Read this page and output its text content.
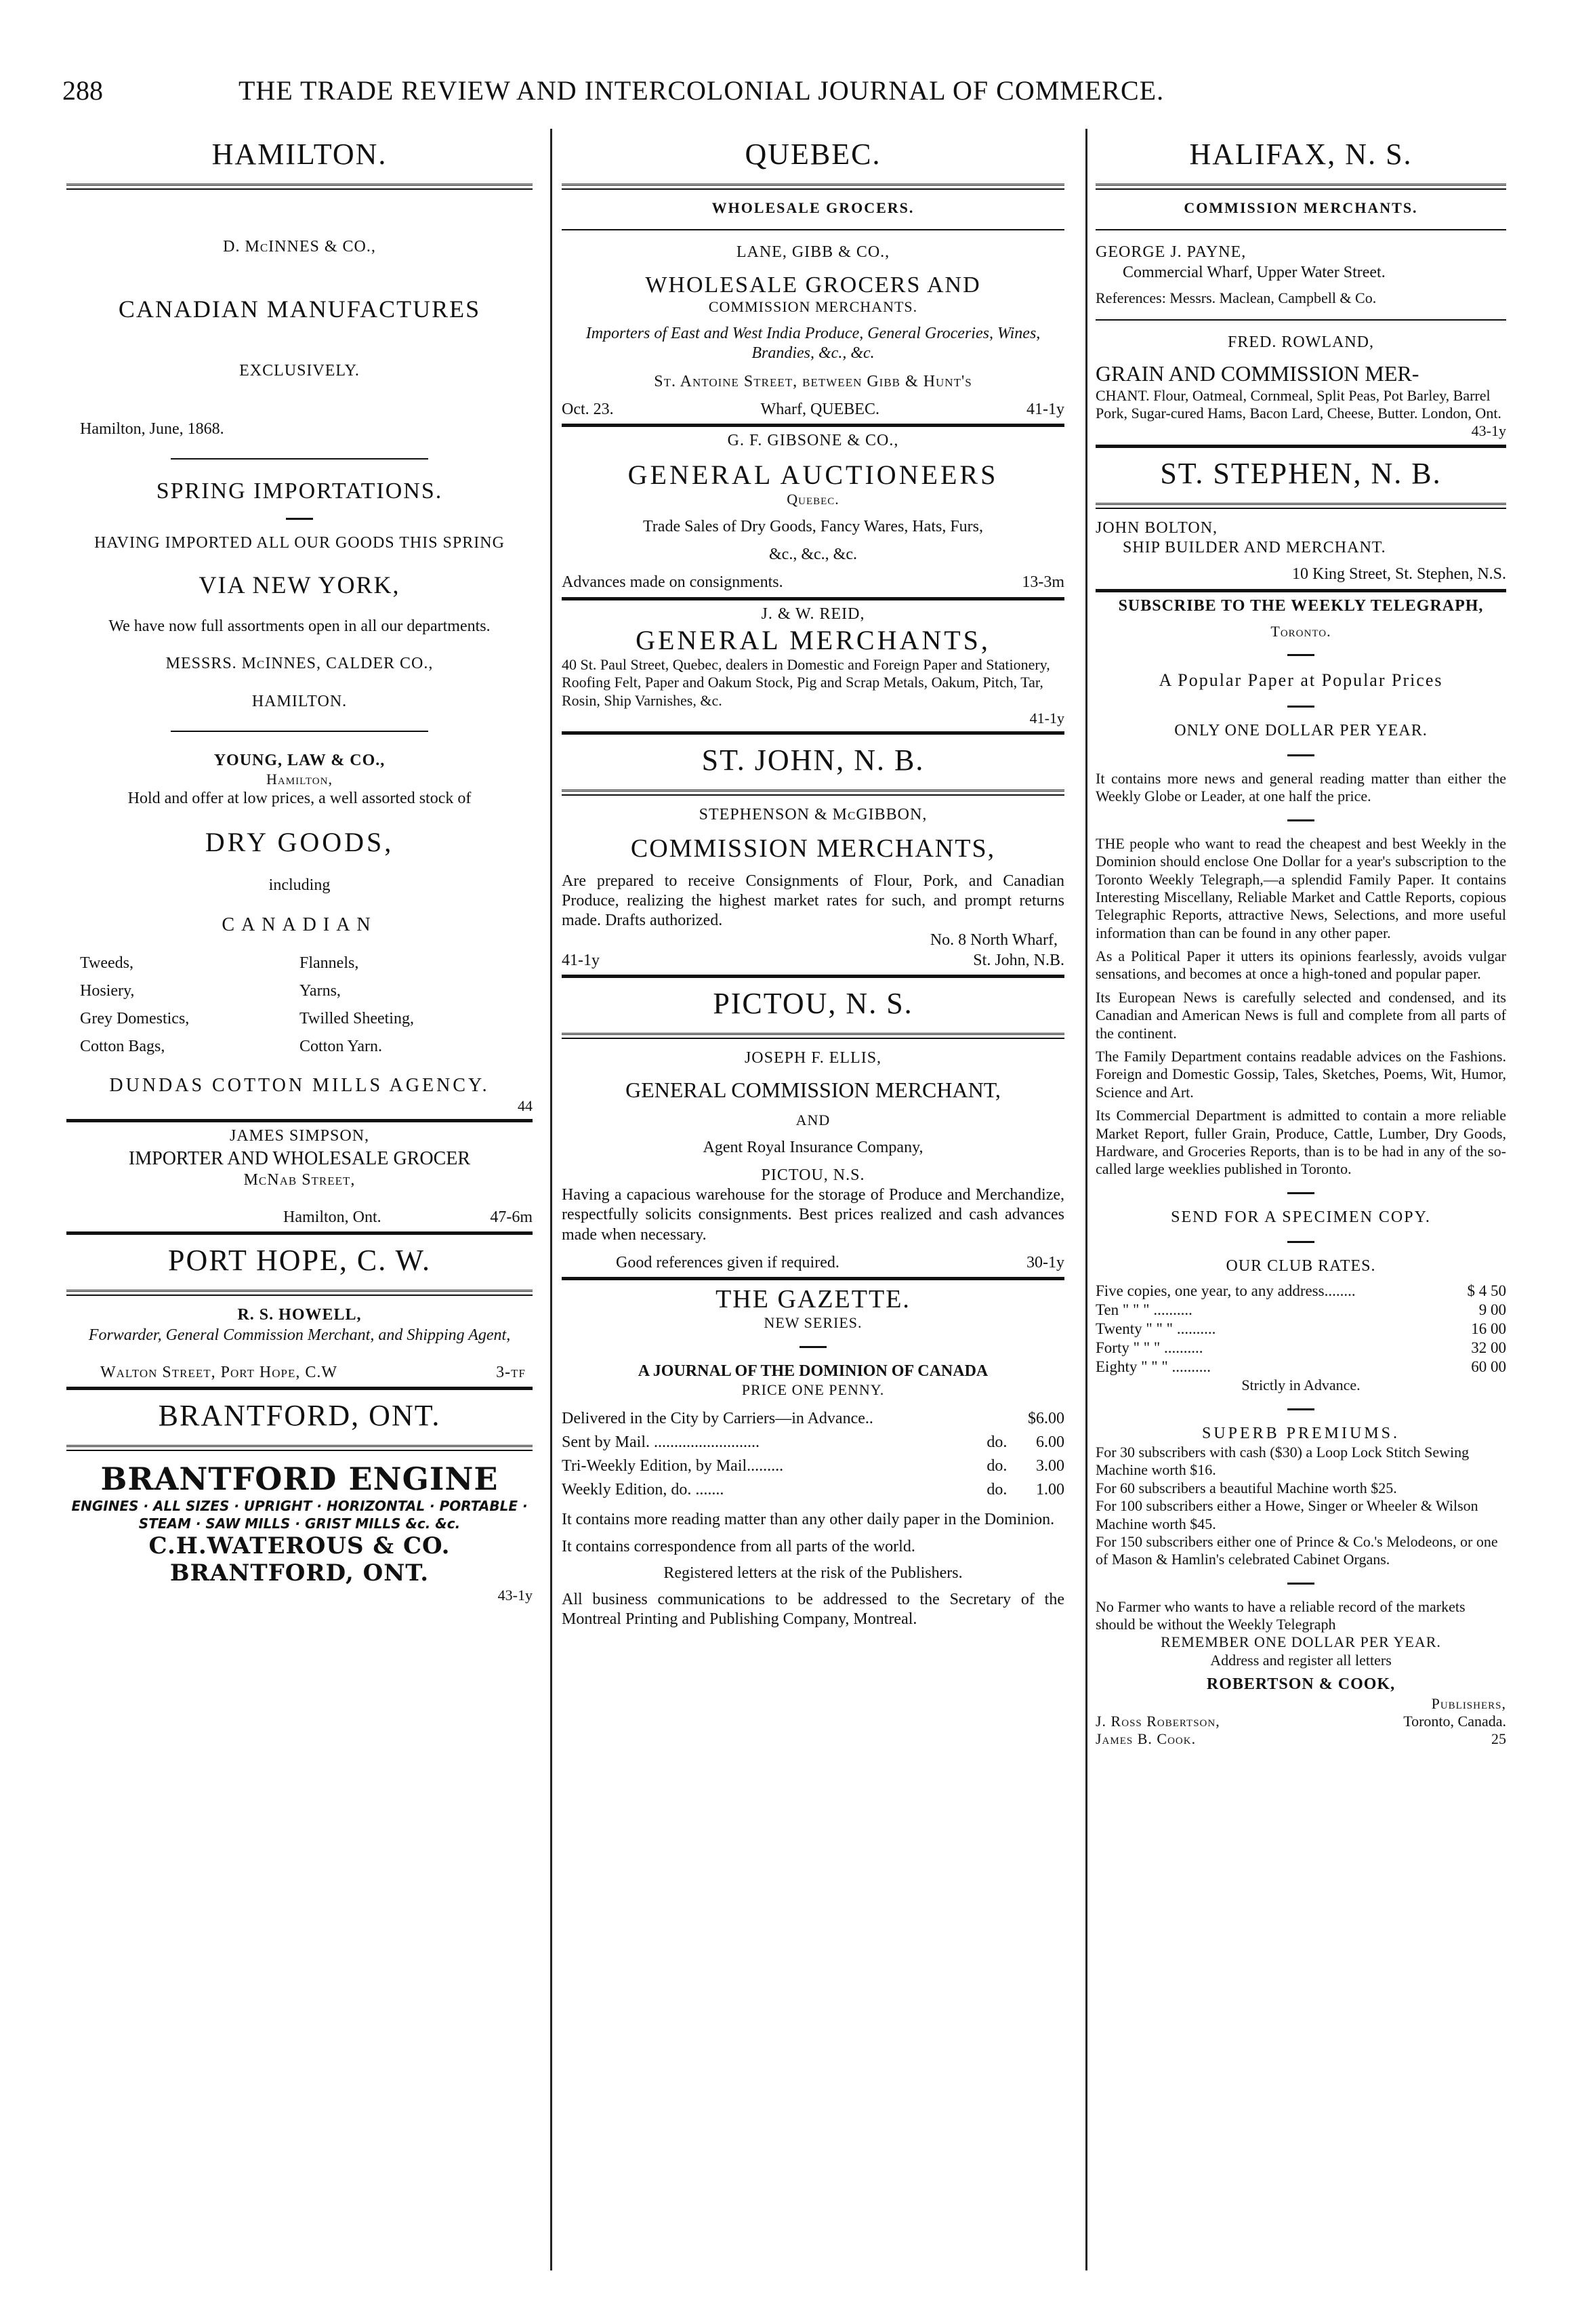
288	THE TRADE REVIEW AND INTERCOLONIAL JOURNAL OF COMMERCE.
HAMILTON.
D. McINNES & CO.,
CANADIAN MANUFACTURES
EXCLUSIVELY.
Hamilton, June, 1868.
SPRING IMPORTATIONS.
HAVING IMPORTED ALL OUR GOODS THIS SPRING
VIA NEW YORK,
We have now full assortments open in all our departments.
MESSRS. McINNES, CALDER CO.,
HAMILTON.
YOUNG, LAW & CO.,
Hamilton,
Hold and offer at low prices, a well assorted stock of
DRY GOODS,
including
CANADIAN
Tweeds,	Flannels,
Hosiery,	Yarns,
Grey Domestics,	Twilled Sheeting,
Cotton Bags,	Cotton Yarn.
DUNDAS COTTON MILLS AGENCY.
44
JAMES SIMPSON,
IMPORTER AND WHOLESALE GROCER
McNab Street,
Hamilton, Ont.	47-6m
PORT HOPE, C. W.
R. S. HOWELL,
Forwarder, General Commission Merchant, and Shipping Agent,
Walton Street, Port Hope, C.W	3-tf
BRANTFORD, ONT.
BRANTFORD ENGINE
ENGINES · ALL SIZES · UPRIGHT · HORIZONTAL · PORTABLE · STEAM · SAW MILLS · GRIST MILLS &c. &c.
C.H.WATEROUS & CO. BRANTFORD, ONT.
43-1y
QUEBEC.
WHOLESALE GROCERS.
LANE, GIBB & CO.,
WHOLESALE GROCERS AND
COMMISSION MERCHANTS.
Importers of East and West India Produce, General Groceries, Wines, Brandies, &c., &c.
St. Antoine Street, between Gibb & Hunt's
Oct. 23.	Wharf, QUEBEC.	41-1y
G. F. GIBSONE & CO.,
GENERAL AUCTIONEERS
Quebec.
Trade Sales of Dry Goods, Fancy Wares, Hats, Furs,
&c., &c., &c.
Advances made on consignments.	13-3m
J. & W. REID,
GENERAL MERCHANTS,
40 St. Paul Street, Quebec, dealers in Domestic and Foreign Paper and Stationery, Roofing Felt, Paper and Oakum Stock, Pig and Scrap Metals, Oakum, Pitch, Tar, Rosin, Ship Varnishes, &c.
41-1y
ST. JOHN, N. B.
STEPHENSON & McGIBBON,
COMMISSION MERCHANTS,
Are prepared to receive Consignments of Flour, Pork, and Canadian Produce, realizing the highest market rates for such, and prompt returns made. Drafts authorized.
No. 8 North Wharf,
41-1y	St. John, N.B.
PICTOU, N. S.
JOSEPH F. ELLIS,
GENERAL COMMISSION MERCHANT,
AND
Agent Royal Insurance Company,
PICTOU, N.S.
Having a capacious warehouse for the storage of Produce and Merchandize, respectfully solicits consignments. Best prices realized and cash advances made when necessary.
Good references given if required.	30-1y
THE GAZETTE.
NEW SERIES.
A JOURNAL OF THE DOMINION OF CANADA
PRICE ONE PENNY.
Delivered in the City by Carriers—in Advance..		$6.00
Sent by Mail. ..........................	do.	6.00
Tri-Weekly Edition, by Mail.........	do.	3.00
Weekly Edition, do. .......	do.	1.00
It contains more reading matter than any other daily paper in the Dominion.
It contains correspondence from all parts of the world.
Registered letters at the risk of the Publishers.
All business communications to be addressed to the Secretary of the Montreal Printing and Publishing Company, Montreal.
HALIFAX, N. S.
COMMISSION MERCHANTS.
GEORGE J. PAYNE,
Commercial Wharf, Upper Water Street.
References: Messrs. Maclean, Campbell & Co.
FRED. ROWLAND,
GRAIN AND COMMISSION MER-
CHANT. Flour, Oatmeal, Cornmeal, Split Peas, Pot Barley, Barrel Pork, Sugar-cured Hams, Bacon Lard, Cheese, Butter. London, Ont.
43-1y
ST. STEPHEN, N. B.
JOHN BOLTON,
SHIP BUILDER AND MERCHANT.
10 King Street, St. Stephen, N.S.
SUBSCRIBE TO THE WEEKLY TELEGRAPH,
Toronto.
A Popular Paper at Popular Prices
ONLY ONE DOLLAR PER YEAR.
It contains more news and general reading matter than either the Weekly Globe or Leader, at one half the price.
THE people who want to read the cheapest and best Weekly in the Dominion should enclose One Dollar for a year's subscription to the Toronto Weekly Telegraph,—a splendid Family Paper. It contains Interesting Miscellany, Reliable Market and Cattle Reports, copious Telegraphic Reports, attractive News, Selections, and more useful information than can be found in any other paper.
As a Political Paper it utters its opinions fearlessly, avoids vulgar sensations, and becomes at once a high-toned and popular paper.
Its European News is carefully selected and condensed, and its Canadian and American News is full and complete from all parts of the continent.
The Family Department contains readable advices on the Fashions. Foreign and Domestic Gossip, Tales, Sketches, Poems, Wit, Humor, Science and Art.
Its Commercial Department is admitted to contain a more reliable Market Report, fuller Grain, Produce, Cattle, Lumber, Dry Goods, Hardware, and Groceries Reports, than is to be had in any of the so-called large weeklies published in Toronto.
SEND FOR A SPECIMEN COPY.
OUR CLUB RATES.
Five copies, one year, to any address........	$ 4 50
Ten " " " ..........	9 00
Twenty " " " ..........	16 00
Forty " " " ..........	32 00
Eighty " " " ..........	60 00
Strictly in Advance.
SUPERB PREMIUMS.
For 30 subscribers with cash ($30) a Loop Lock Stitch Sewing Machine worth $16.
For 60 subscribers a beautiful Machine worth $25.
For 100 subscribers either a Howe, Singer or Wheeler & Wilson Machine worth $45.
For 150 subscribers either one of Prince & Co.'s Melodeons, or one of Mason & Hamlin's celebrated Cabinet Organs.
No Farmer who wants to have a reliable record of the markets should be without the Weekly Telegraph
REMEMBER ONE DOLLAR PER YEAR.
Address and register all letters
ROBERTSON & COOK,
Publishers,
J. Ross Robertson,
James B. Cook.
Toronto, Canada.
25
